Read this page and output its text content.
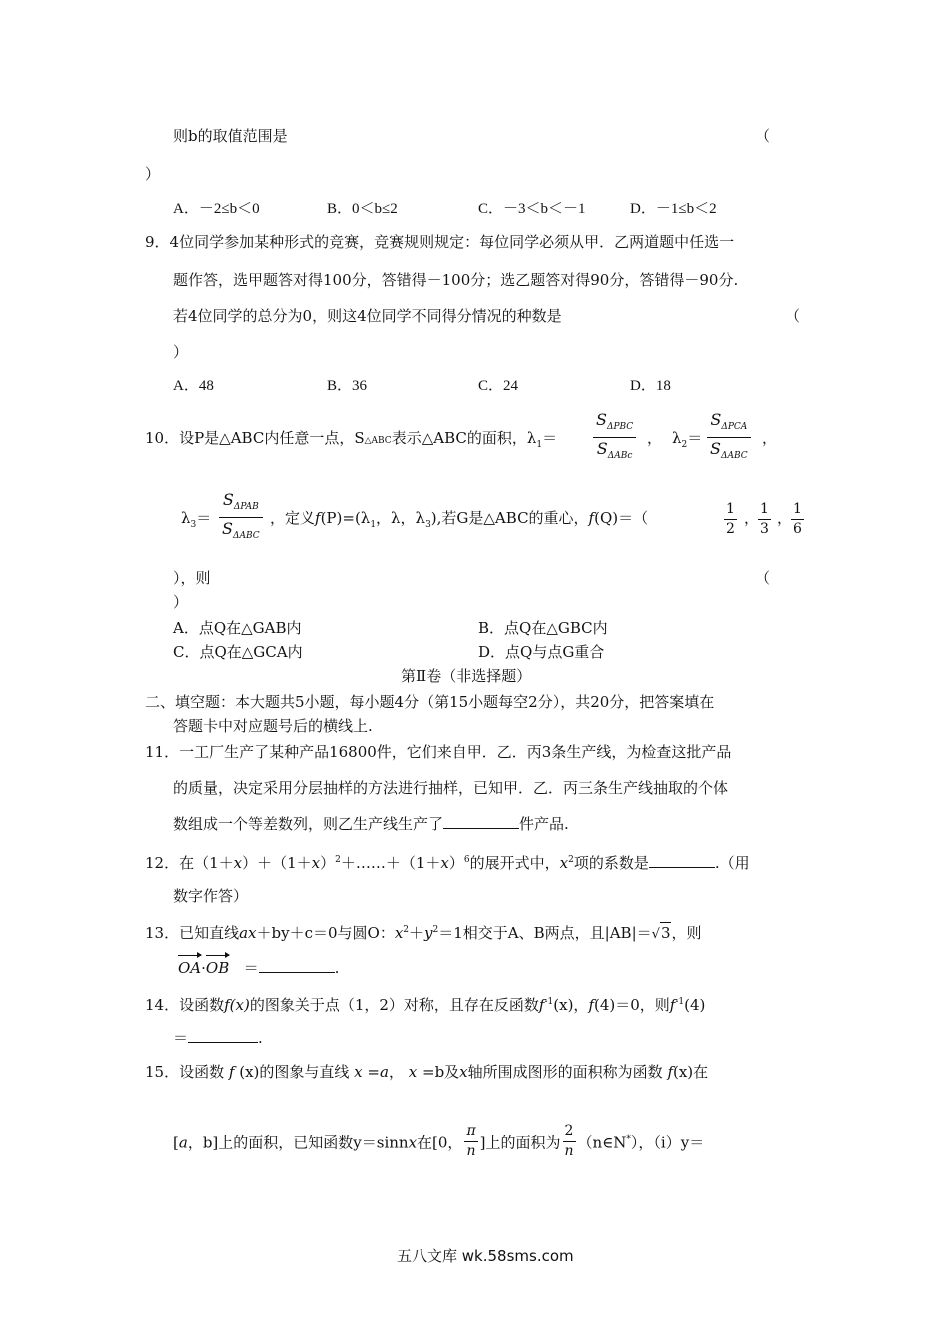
则b的取值范围是	（
）
A．－2≤b＜0	B．0＜b≤2	C．－3＜b＜－1	D．－1≤b＜2
9．4位同学参加某种形式的竞赛，竞赛规则规定：每位同学必须从甲．乙两道题中任选一
题作答，选甲题答对得100分，答错得－100分；选乙题答对得90分，答错得－90分.
若4位同学的总分为0，则这4位同学不同得分情况的种数是	（
）
A．48	B．36	C．24	D．18
10．设P是△ABC内任意一点，S△ABC表示△ABC的面积，$\lambda_1= \frac{S_{\Delta PBC}}{S_{\Delta ABc}}$ ， $\lambda_2= \frac{S_{\Delta PCA}}{S_{\Delta ABC}}$ ，
$\lambda_3= \frac{S_{\Delta PAB}}{S_{\Delta ABC}}$ ，定义$f(P)=(\lambda_1$，λ，$\lambda_3$),若G是△ABC的重心，f(Q)＝（	$\frac{1}{2}$ ，
$\frac{1}{3}$ ，
$\frac{1}{6}$
），则	（
）
A．点Q在△GAB内	B．点Q在△GBC内
C．点Q在△GCA内	D．点Q与点G重合
第Ⅱ卷（非选择题）
二、填空题：本大题共5小题，每小题4分（第15小题每空2分），共20分，把答案填在
答题卡中对应题号后的横线上.
11．一工厂生产了某种产品16800件，它们来自甲．乙．丙3条生产线，为检查这批产品
的质量，决定采用分层抽样的方法进行抽样，已知甲．乙．丙三条生产线抽取的个体
数组成一个等差数列，则乙生产线生产了	件产品.
12．在$(1+x)+(1+x)^2+\dots\dots+(1+x)^6$的展开式中，$x^2$项的系数是	.（用
数字作答）
13．已知直线ax＋by＋c＝0与圆O：$x^2+y^2=1$相交于A、B两点，且|AB|＝√3，则
OA·OB ＝	.
14．设函数f(x)的图象关于点（1，2）对称，且存在反函数$f^{-1}(x)$，f(4)＝0，则$f^{-1}(4)$
＝	.
15．设函数 f (x)的图象与直线 x =a， x =b及x轴所围成图形的面积称为函数 f(x)在
[a，b]上的面积，已知函数y＝sinnx在[0， $\frac{\pi}{n}$ ]上的面积为 $\frac{2}{n}$ （n∈N*），（i）y＝
五八文库 wk.58sms.com
